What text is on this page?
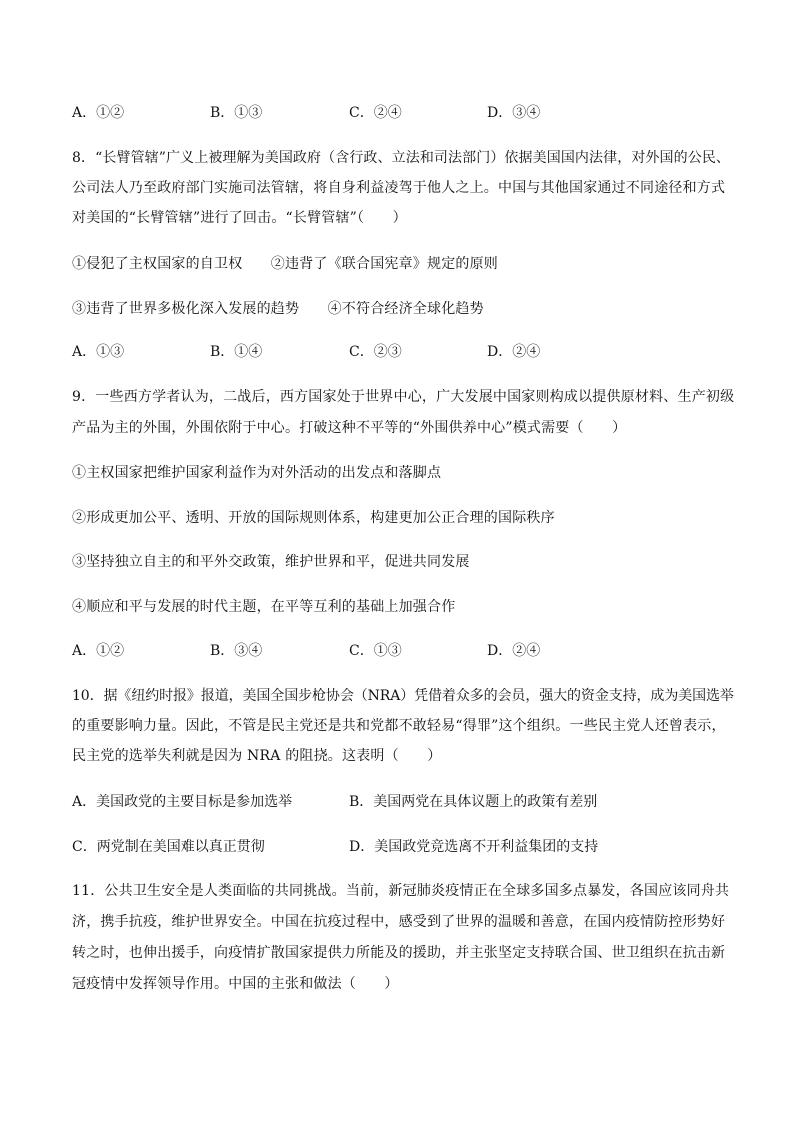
A．①②	B．①③	C．②④	D．③④
8．“长臂管辖”广义上被理解为美国政府（含行政、立法和司法部门）依据美国国内法律，对外国的公民、
公司法人乃至政府部门实施司法管辖，将自身利益凌驾于他人之上。中国与其他国家通过不同途径和方式
对美国的“长臂管辖”进行了回击。“长臂管辖”（　　）
①侵犯了主权国家的自卫权　　②违背了《联合国宪章》规定的原则
③违背了世界多极化深入发展的趋势　　④不符合经济全球化趋势
A．①③	B．①④	C．②③	D．②④
9．一些西方学者认为，二战后，西方国家处于世界中心，广大发展中国家则构成以提供原材料、生产初级
产品为主的外围，外围依附于中心。打破这种不平等的“外围供养中心”模式需要（　　）
①主权国家把维护国家利益作为对外活动的出发点和落脚点
②形成更加公平、透明、开放的国际规则体系，构建更加公正合理的国际秩序
③坚持独立自主的和平外交政策，维护世界和平，促进共同发展
④顺应和平与发展的时代主题，在平等互利的基础上加强合作
A．①②	B．③④	C．①③	D．②④
10．据《纽约时报》报道，美国全国步枪协会（NRA）凭借着众多的会员，强大的资金支持，成为美国选举
的重要影响力量。因此，不管是民主党还是共和党都不敢轻易“得罪”这个组织。一些民主党人还曾表示，
民主党的选举失利就是因为 NRA 的阻挠。这表明（　　）
A．美国政党的主要目标是参加选举	B．美国两党在具体议题上的政策有差别
C．两党制在美国难以真正贯彻	D．美国政党竞选离不开利益集团的支持
11．公共卫生安全是人类面临的共同挑战。当前，新冠肺炎疫情正在全球多国多点暴发，各国应该同舟共
济，携手抗疫，维护世界安全。中国在抗疫过程中，感受到了世界的温暖和善意，在国内疫情防控形势好
转之时，也伸出援手，向疫情扩散国家提供力所能及的援助，并主张坚定支持联合国、世卫组织在抗击新
冠疫情中发挥领导作用。中国的主张和做法（　　）
